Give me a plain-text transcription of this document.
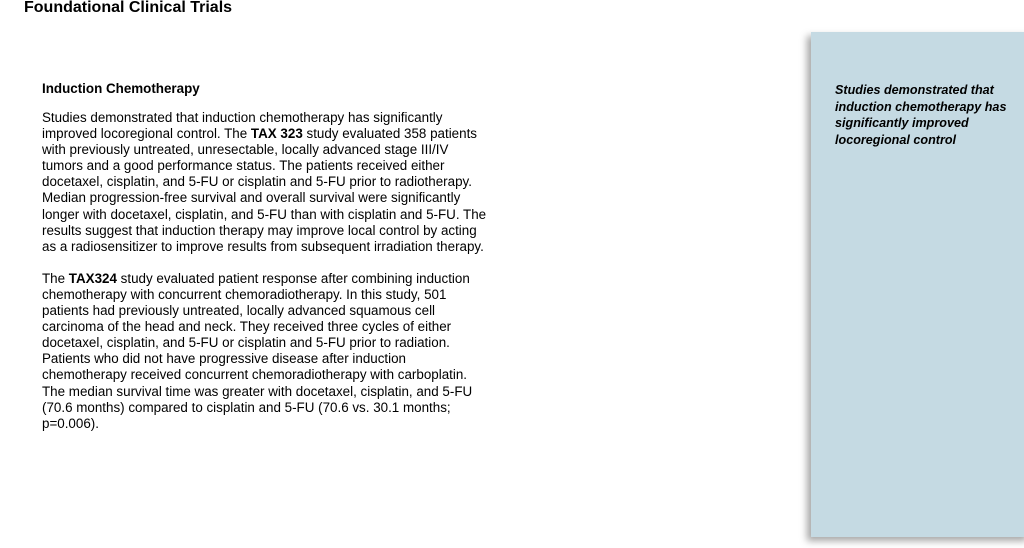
Foundational Clinical Trials
Induction Chemotherapy

Studies demonstrated that induction chemotherapy has significantly improved locoregional control. The TAX 323 study evaluated 358 patients with previously untreated, unresectable, locally advanced stage III/IV tumors and a good performance status. The patients received either docetaxel, cisplatin, and 5-FU or cisplatin and 5-FU prior to radiotherapy. Median progression-free survival and overall survival were significantly longer with docetaxel, cisplatin, and 5-FU than with cisplatin and 5-FU. The results suggest that induction therapy may improve local control by acting as a radiosensitizer to improve results from subsequent irradiation therapy.

The TAX324 study evaluated patient response after combining induction chemotherapy with concurrent chemoradiotherapy. In this study, 501 patients had previously untreated, locally advanced squamous cell carcinoma of the head and neck. They received three cycles of either docetaxel, cisplatin, and 5-FU or cisplatin and 5-FU prior to radiation. Patients who did not have progressive disease after induction chemotherapy received concurrent chemoradiotherapy with carboplatin. The median survival time was greater with docetaxel, cisplatin, and 5-FU (70.6 months) compared to cisplatin and 5-FU (70.6 vs. 30.1 months; p=0.006).

Studies demonstrated that induction chemotherapy has significantly improved locoregional control
